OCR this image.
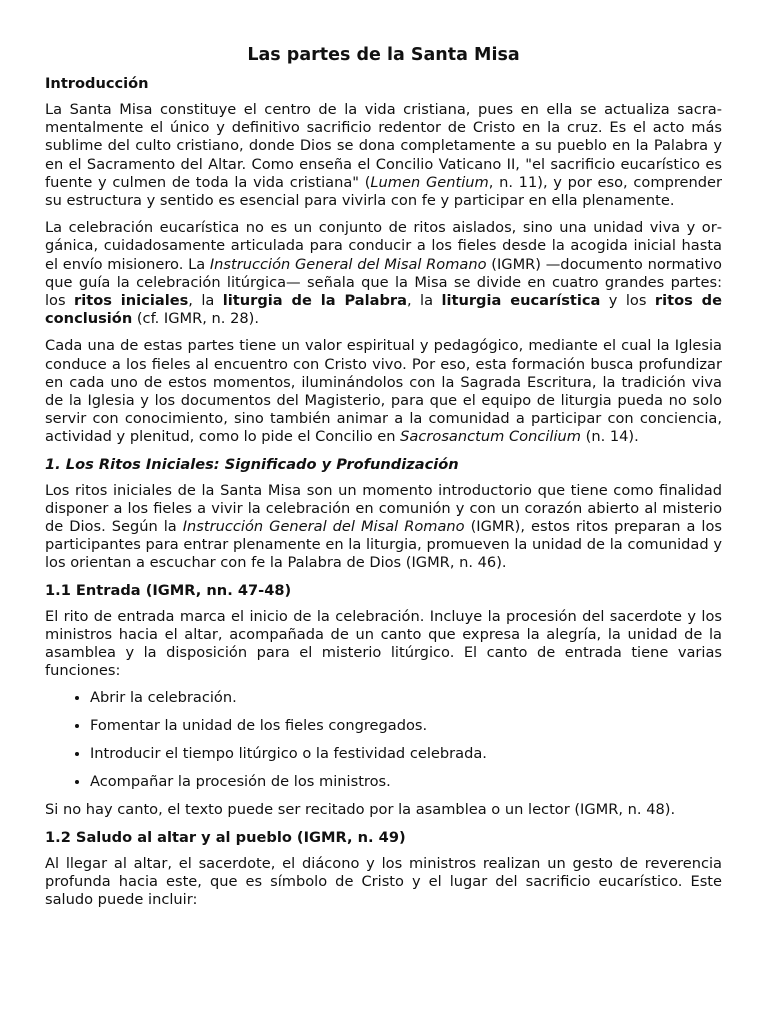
Las partes de la Santa Misa
Introducción

La Santa Misa constituye el centro de la vida cristiana, pues en ella se actualiza sacramentalmente el único y definitivo sacrificio redentor de Cristo en la cruz. Es el acto más sublime del culto cristiano, donde Dios se dona completamente a su pueblo en la Palabra y en el Sacramento del Altar. Como enseña el Concilio Vaticano II, "el sacrificio eucarístico es fuente y culmen de toda la vida cristiana" (Lumen Gentium, n. 11), y por eso, comprender su estructura y sentido es esencial para vivirla con fe y participar en ella plenamente.

La celebración eucarística no es un conjunto de ritos aislados, sino una unidad viva y orgánica, cuidadosamente articulada para conducir a los fieles desde la acogida inicial hasta el envío misionero. La Instrucción General del Misal Romano (IGMR) —documento normativo que guía la celebración litúrgica— señala que la Misa se divide en cuatro grandes partes: los ritos iniciales, la liturgia de la Palabra, la liturgia eucarística y los ritos de conclusión (cf. IGMR, n. 28).

Cada una de estas partes tiene un valor espiritual y pedagógico, mediante el cual la Iglesia conduce a los fieles al encuentro con Cristo vivo. Por eso, esta formación busca profundizar en cada uno de estos momentos, iluminándolos con la Sagrada Escritura, la tradición viva de la Iglesia y los documentos del Magisterio, para que el equipo de liturgia pueda no solo servir con conocimiento, sino también animar a la comunidad a participar con conciencia, actividad y plenitud, como lo pide el Concilio en Sacrosanctum Concilium (n. 14).

1. Los Ritos Iniciales: Significado y Profundización

Los ritos iniciales de la Santa Misa son un momento introductorio que tiene como finalidad disponer a los fieles a vivir la celebración en comunión y con un corazón abierto al misterio de Dios. Según la Instrucción General del Misal Romano (IGMR), estos ritos preparan a los participantes para entrar plenamente en la liturgia, promueven la unidad de la comunidad y los orientan a escuchar con fe la Palabra de Dios (IGMR, n. 46).

1.1 Entrada (IGMR, nn. 47-48)

El rito de entrada marca el inicio de la celebración. Incluye la procesión del sacerdote y los ministros hacia el altar, acompañada de un canto que expresa la alegría, la unidad de la asamblea y la disposición para el misterio litúrgico. El canto de entrada tiene varias funciones:

• Abrir la celebración.
• Fomentar la unidad de los fieles congregados.
• Introducir el tiempo litúrgico o la festividad celebrada.
• Acompañar la procesión de los ministros.

Si no hay canto, el texto puede ser recitado por la asamblea o un lector (IGMR, n. 48).

1.2 Saludo al altar y al pueblo (IGMR, n. 49)

Al llegar al altar, el sacerdote, el diácono y los ministros realizan un gesto de reverencia profunda hacia este, que es símbolo de Cristo y el lugar del sacrificio eucarístico. Este saludo puede incluir:
